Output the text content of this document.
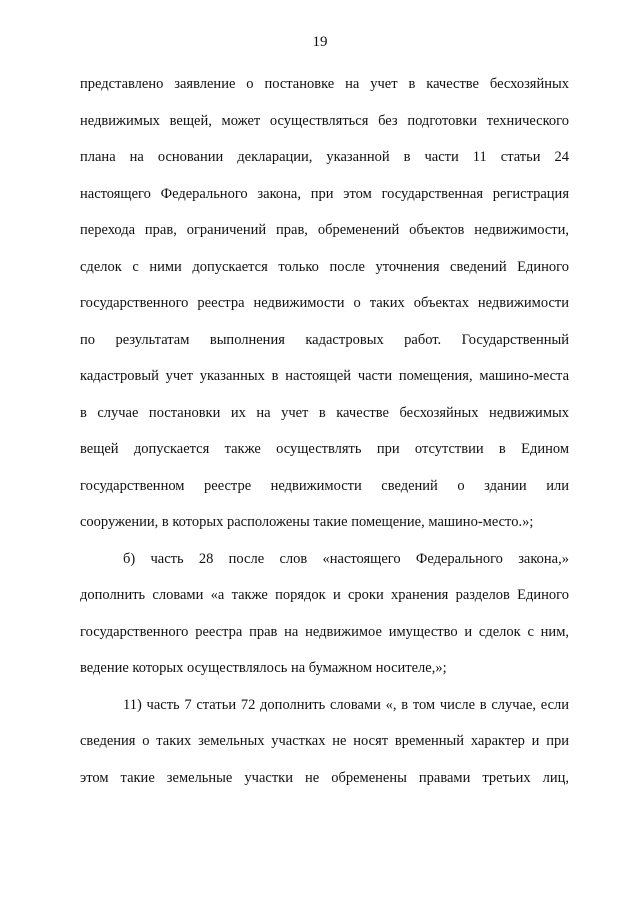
19

представлено заявление о постановке на учет в качестве бесхозяйных
недвижимых вещей, может осуществляться без подготовки технического
плана на основании декларации, указанной в части 11 статьи 24
настоящего Федерального закона, при этом государственная регистрация
перехода прав, ограничений прав, обременений объектов недвижимости,
сделок с ними допускается только после уточнения сведений Единого
государственного реестра недвижимости о таких объектах недвижимости
по результатам выполнения кадастровых работ. Государственный
кадастровый учет указанных в настоящей части помещения, машино-места
в случае постановки их на учет в качестве бесхозяйных недвижимых
вещей допускается также осуществлять при отсутствии в Едином
государственном реестре недвижимости сведений о здании или
сооружении, в которых расположены такие помещение, машино-место.»;

б) часть 28 после слов «настоящего Федерального закона,»
дополнить словами «а также порядок и сроки хранения разделов Единого
государственного реестра прав на недвижимое имущество и сделок с ним,
ведение которых осуществлялось на бумажном носителе,»;

11) часть 7 статьи 72 дополнить словами «, в том числе в случае, если
сведения о таких земельных участках не носят временный характер и при
этом такие земельные участки не обременены правами третьих лиц,
